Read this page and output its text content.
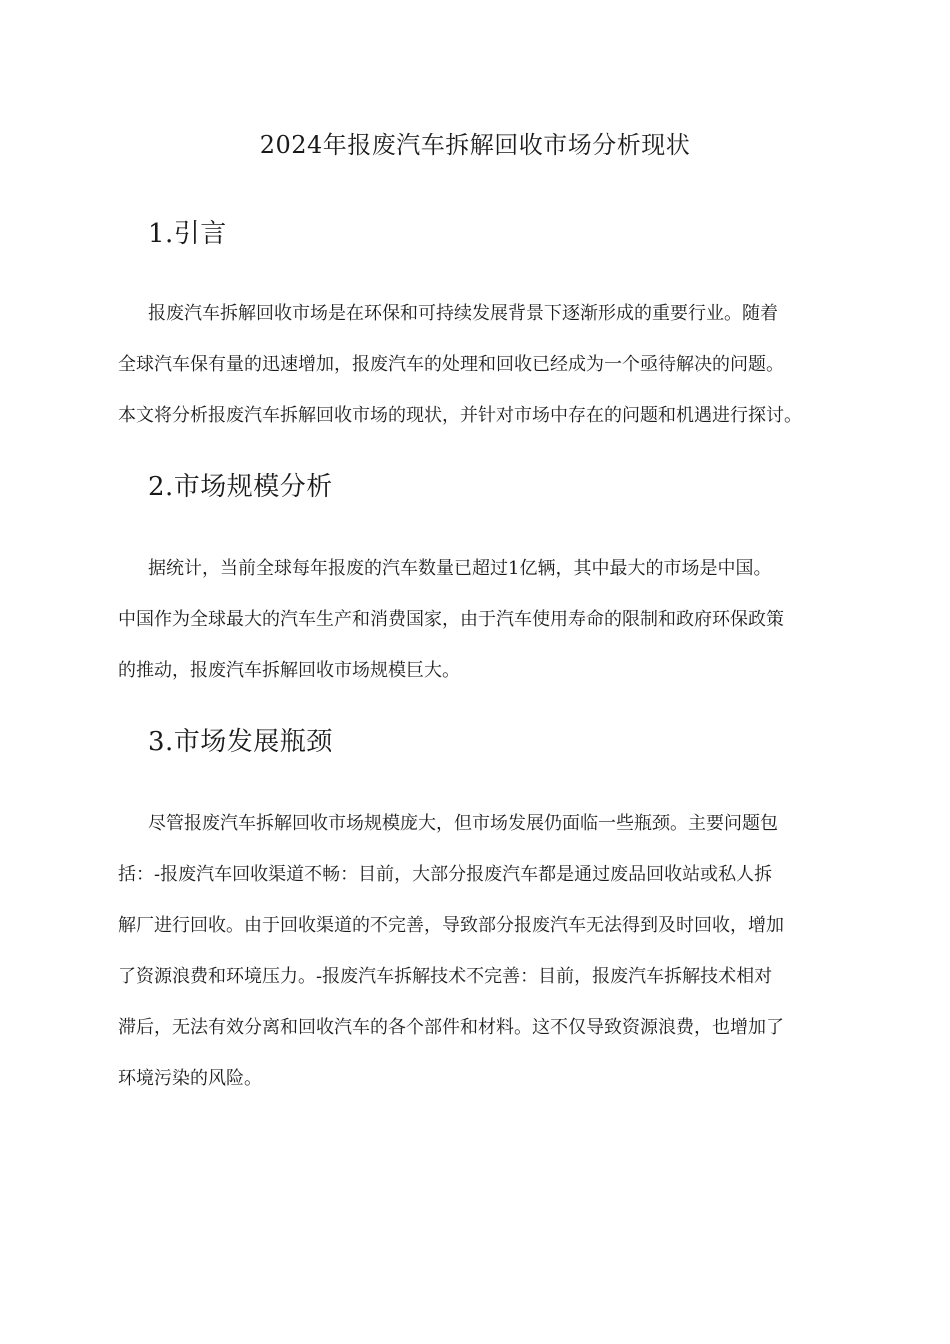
2024年报废汽车拆解回收市场分析现状
1.引言
报废汽车拆解回收市场是在环保和可持续发展背景下逐渐形成的重要行业。随着
全球汽车保有量的迅速增加，报废汽车的处理和回收已经成为一个亟待解决的问题。
本文将分析报废汽车拆解回收市场的现状，并针对市场中存在的问题和机遇进行探讨。
2.市场规模分析
据统计，当前全球每年报废的汽车数量已超过1亿辆，其中最大的市场是中国。
中国作为全球最大的汽车生产和消费国家，由于汽车使用寿命的限制和政府环保政策
的推动，报废汽车拆解回收市场规模巨大。
3.市场发展瓶颈
尽管报废汽车拆解回收市场规模庞大，但市场发展仍面临一些瓶颈。主要问题包
括：-报废汽车回收渠道不畅：目前，大部分报废汽车都是通过废品回收站或私人拆
解厂进行回收。由于回收渠道的不完善，导致部分报废汽车无法得到及时回收，增加
了资源浪费和环境压力。-报废汽车拆解技术不完善：目前，报废汽车拆解技术相对
滞后，无法有效分离和回收汽车的各个部件和材料。这不仅导致资源浪费，也增加了
环境污染的风险。
